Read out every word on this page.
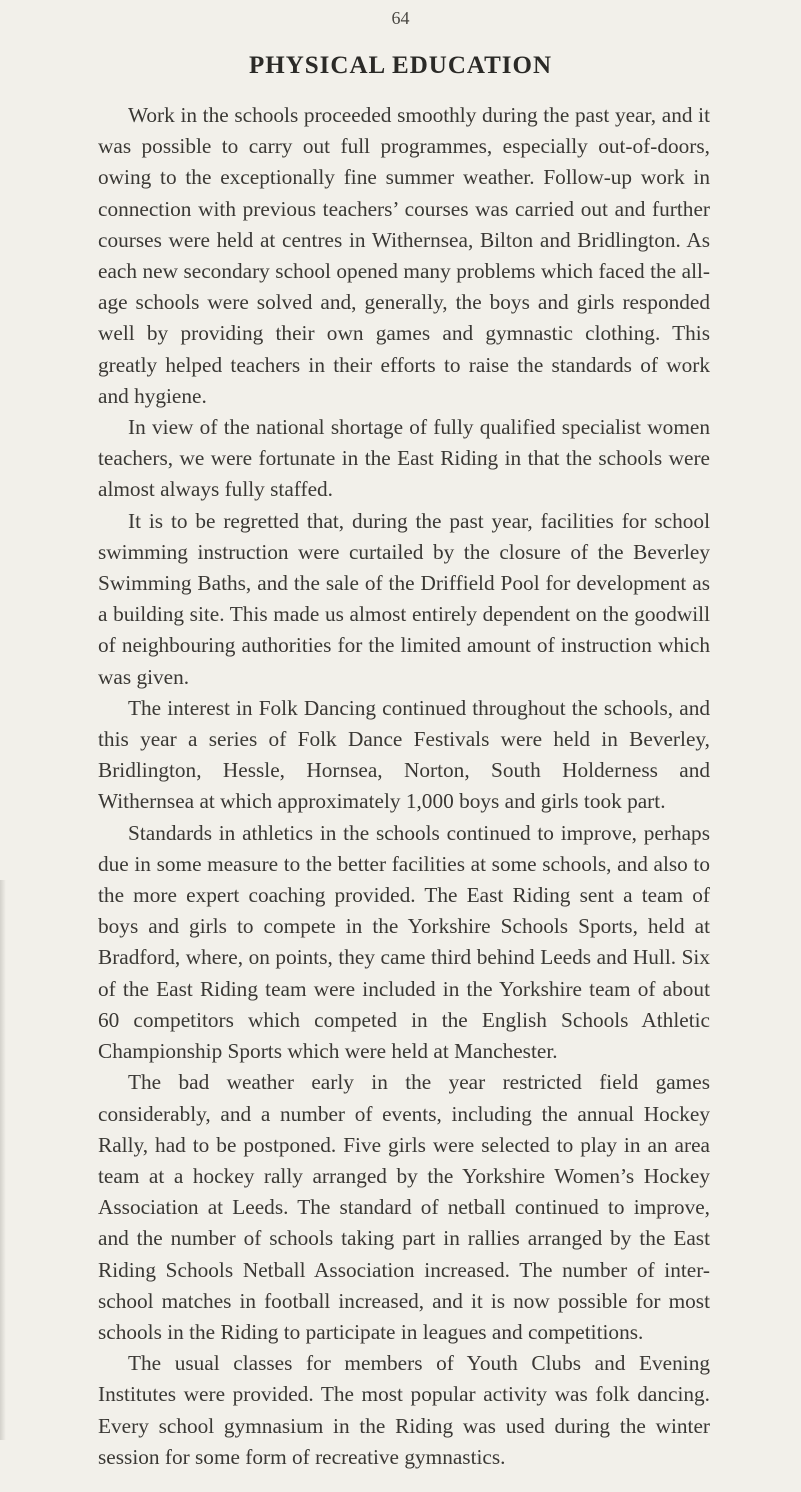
64
PHYSICAL EDUCATION

Work in the schools proceeded smoothly during the past year, and it was possible to carry out full programmes, especially out-of-doors, owing to the exceptionally fine summer weather. Follow-up work in connection with previous teachers’ courses was carried out and further courses were held at centres in Withernsea, Bilton and Bridlington. As each new secondary school opened many problems which faced the all-age schools were solved and, generally, the boys and girls responded well by providing their own games and gymnastic clothing. This greatly helped teachers in their efforts to raise the standards of work and hygiene.

In view of the national shortage of fully qualified specialist women teachers, we were fortunate in the East Riding in that the schools were almost always fully staffed.

It is to be regretted that, during the past year, facilities for school swimming instruction were curtailed by the closure of the Beverley Swimming Baths, and the sale of the Driffield Pool for development as a building site. This made us almost entirely dependent on the goodwill of neighbouring authorities for the limited amount of instruction which was given.

The interest in Folk Dancing continued throughout the schools, and this year a series of Folk Dance Festivals were held in Beverley, Bridlington, Hessle, Hornsea, Norton, South Holderness and Withernsea at which approximately 1,000 boys and girls took part.

Standards in athletics in the schools continued to improve, perhaps due in some measure to the better facilities at some schools, and also to the more expert coaching provided. The East Riding sent a team of boys and girls to compete in the Yorkshire Schools Sports, held at Bradford, where, on points, they came third behind Leeds and Hull. Six of the East Riding team were included in the Yorkshire team of about 60 competitors which competed in the English Schools Athletic Championship Sports which were held at Manchester.

The bad weather early in the year restricted field games considerably, and a number of events, including the annual Hockey Rally, had to be postponed. Five girls were selected to play in an area team at a hockey rally arranged by the Yorkshire Women’s Hockey Association at Leeds. The standard of netball continued to improve, and the number of schools taking part in rallies arranged by the East Riding Schools Netball Association increased. The number of inter-school matches in football increased, and it is now possible for most schools in the Riding to participate in leagues and competitions.

The usual classes for members of Youth Clubs and Evening Institutes were provided. The most popular activity was folk dancing. Every school gymnasium in the Riding was used during the winter session for some form of recreative gymnastics.
